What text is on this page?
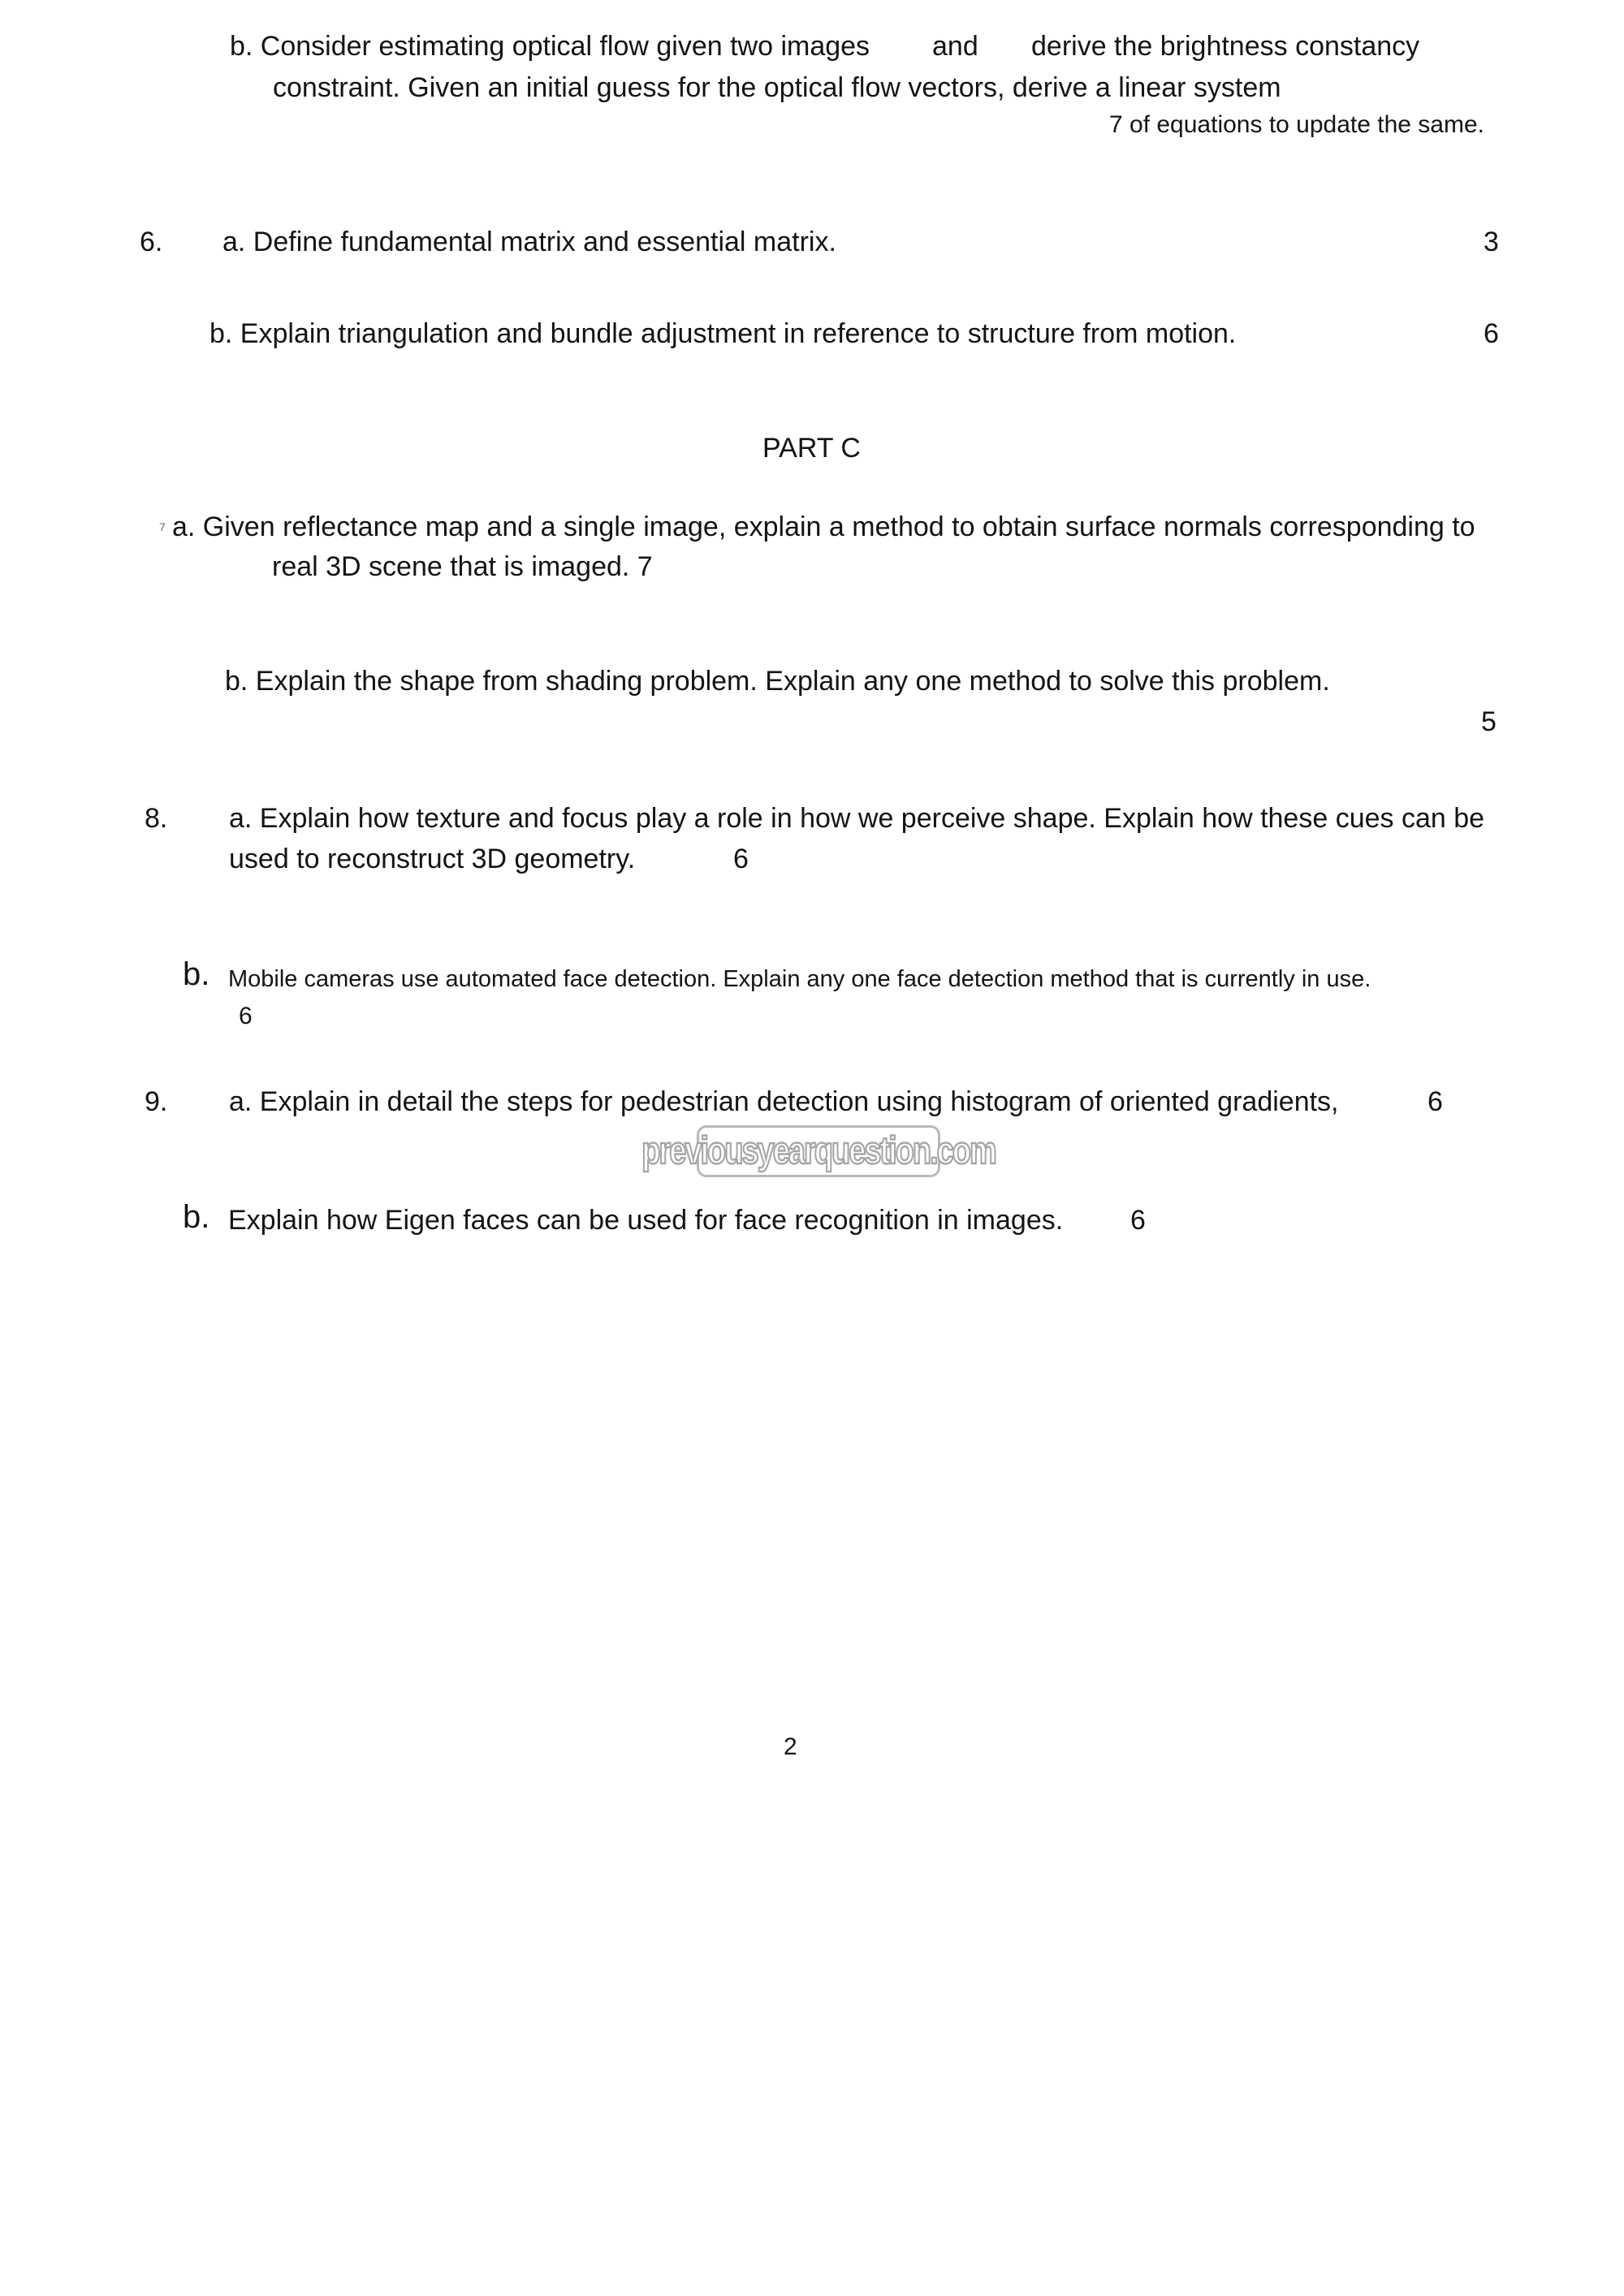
b. Consider estimating optical flow given two images and derive the brightness constancy
constraint. Given an initial guess for the optical flow vectors, derive a linear system
7 of equations to update the same.
6. a. Define fundamental matrix and essential matrix.	3
b. Explain triangulation and bundle adjustment in reference to structure from motion.	6
PART C
7 a. Given reflectance map and a single image, explain a method to obtain surface normals corresponding to
real 3D scene that is imaged. 7
b. Explain the shape from shading problem. Explain any one method to solve this problem.
5
8. a. Explain how texture and focus play a role in how we perceive shape. Explain how these cues can be
used to reconstruct 3D geometry.	6
b. Mobile cameras use automated face detection. Explain any one face detection method that is currently in use.
6
9. a. Explain in detail the steps for pedestrian detection using histogram of oriented gradients,	6
previousyearquestion.com
b. Explain how Eigen faces can be used for face recognition in images. 6
2
